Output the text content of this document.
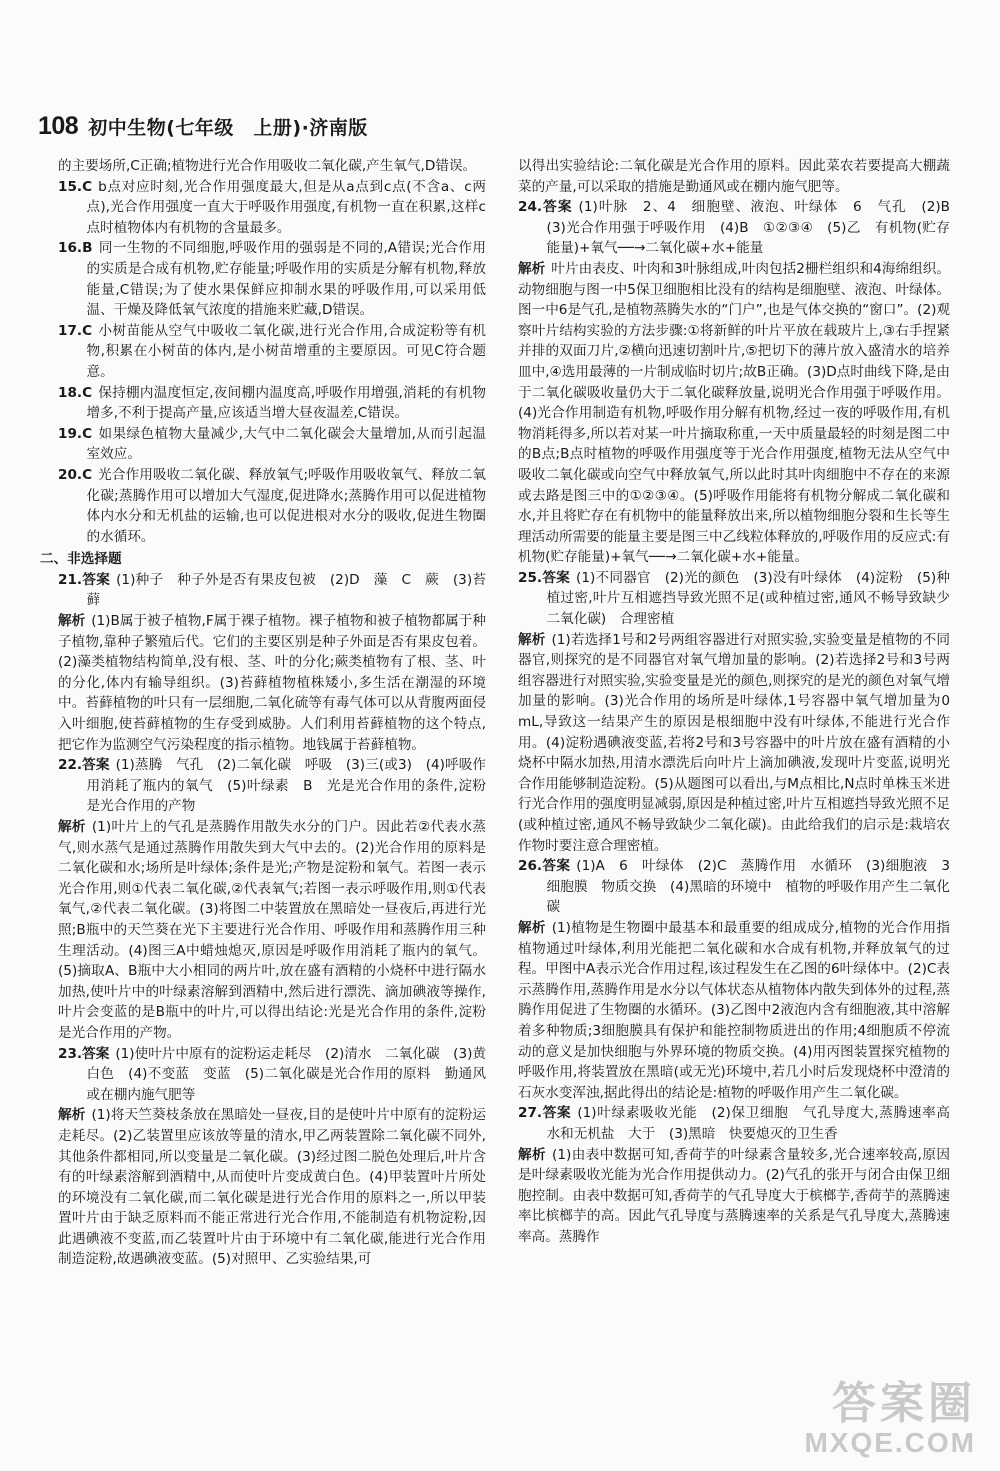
108 初中生物(七年级　上册)·济南版

的主要场所,C正确;植物进行光合作用吸收二氧化碳,产生氧气,D错误。

15.C b点对应时刻,光合作用强度最大,但是从a点到c点(不含a、c两点),光合作用强度一直大于呼吸作用强度,有机物一直在积累,这样c点时植物体内有机物的含量最多。

16.B 同一生物的不同细胞,呼吸作用的强弱是不同的,A错误;光合作用的实质是合成有机物,贮存能量;呼吸作用的实质是分解有机物,释放能量,C错误;为了使水果保鲜应抑制水果的呼吸作用,可以采用低温、干燥及降低氧气浓度的措施来贮藏,D错误。

17.C 小树苗能从空气中吸收二氧化碳,进行光合作用,合成淀粉等有机物,积累在小树苗的体内,是小树苗增重的主要原因。可见C符合题意。

18.C 保持棚内温度恒定,夜间棚内温度高,呼吸作用增强,消耗的有机物增多,不利于提高产量,应该适当增大昼夜温差,C错误。

19.C 如果绿色植物大量减少,大气中二氧化碳会大量增加,从而引起温室效应。

20.C 光合作用吸收二氧化碳、释放氧气;呼吸作用吸收氧气、释放二氧化碳;蒸腾作用可以增加大气湿度,促进降水;蒸腾作用可以促进植物体内水分和无机盐的运输,也可以促进根对水分的吸收,促进生物圈的水循环。

二、非选择题

21.答案 (1)种子　种子外是否有果皮包被　(2)D　藻　C　蕨　(3)苔藓

解析 (1)B属于被子植物,F属于裸子植物。裸子植物和被子植物都属于种子植物,靠种子繁殖后代。它们的主要区别是种子外面是否有果皮包着。(2)藻类植物结构简单,没有根、茎、叶的分化;蕨类植物有了根、茎、叶的分化,体内有输导组织。(3)苔藓植物植株矮小,多生活在潮湿的环境中。苔藓植物的叶只有一层细胞,二氧化硫等有毒气体可以从背腹两面侵入叶细胞,使苔藓植物的生存受到威胁。人们利用苔藓植物的这个特点,把它作为监测空气污染程度的指示植物。地钱属于苔藓植物。

22.答案 (1)蒸腾　气孔　(2)二氧化碳　呼吸　(3)三(或3)　(4)呼吸作用消耗了瓶内的氧气　(5)叶绿素　B　光是光合作用的条件,淀粉是光合作用的产物

解析 (1)叶片上的气孔是蒸腾作用散失水分的门户。因此若②代表水蒸气,则水蒸气是通过蒸腾作用散失到大气中去的。(2)光合作用的原料是二氧化碳和水;场所是叶绿体;条件是光;产物是淀粉和氧气。若图一表示光合作用,则①代表二氧化碳,②代表氧气;若图一表示呼吸作用,则①代表氧气,②代表二氧化碳。(3)将图二中装置放在黑暗处一昼夜后,再进行光照;B瓶中的天竺葵在光下主要进行光合作用、呼吸作用和蒸腾作用三种生理活动。(4)图三A中蜡烛熄灭,原因是呼吸作用消耗了瓶内的氧气。(5)摘取A、B瓶中大小相同的两片叶,放在盛有酒精的小烧杯中进行隔水加热,使叶片中的叶绿素溶解到酒精中,然后进行漂洗、滴加碘液等操作,叶片会变蓝的是B瓶中的叶片,可以得出结论:光是光合作用的条件,淀粉是光合作用的产物。

23.答案 (1)使叶片中原有的淀粉运走耗尽　(2)清水　二氧化碳　(3)黄白色　(4)不变蓝　变蓝　(5)二氧化碳是光合作用的原料　勤通风或在棚内施气肥等

解析 (1)将天竺葵枝条放在黑暗处一昼夜,目的是使叶片中原有的淀粉运走耗尽。(2)乙装置里应该放等量的清水,甲乙两装置除二氧化碳不同外,其他条件都相同,所以变量是二氧化碳。(3)经过图二脱色处理后,叶片含有的叶绿素溶解到酒精中,从而使叶片变成黄白色。(4)甲装置叶片所处的环境没有二氧化碳,而二氧化碳是进行光合作用的原料之一,所以甲装置叶片由于缺乏原料而不能正常进行光合作用,不能制造有机物淀粉,因此遇碘液不变蓝,而乙装置叶片由于环境中有二氧化碳,能进行光合作用制造淀粉,故遇碘液变蓝。(5)对照甲、乙实验结果,可

以得出实验结论:二氧化碳是光合作用的原料。因此菜农若要提高大棚蔬菜的产量,可以采取的措施是勤通风或在棚内施气肥等。

24.答案 (1)叶脉　2、4　细胞壁、液泡、叶绿体　6　气孔　(2)B　(3)光合作用强于呼吸作用　(4)B　①②③④　(5)乙　有机物(贮存能量)+氧气──→二氧化碳+水+能量

解析 叶片由表皮、叶肉和3叶脉组成,叶肉包括2栅栏组织和4海绵组织。动物细胞与图一中5保卫细胞相比没有的结构是细胞壁、液泡、叶绿体。图一中6是气孔,是植物蒸腾失水的“门户”,也是气体交换的“窗口”。(2)观察叶片结构实验的方法步骤:①将新鲜的叶片平放在载玻片上,③右手捏紧并排的双面刀片,②横向迅速切割叶片,⑤把切下的薄片放入盛清水的培养皿中,④选用最薄的一片制成临时切片;故B正确。(3)D点时曲线下降,是由于二氧化碳吸收量仍大于二氧化碳释放量,说明光合作用强于呼吸作用。(4)光合作用制造有机物,呼吸作用分解有机物,经过一夜的呼吸作用,有机物消耗得多,所以若对某一叶片摘取称重,一天中质量最轻的时刻是图二中的B点;B点时植物的呼吸作用强度等于光合作用强度,植物无法从空气中吸收二氧化碳或向空气中释放氧气,所以此时其叶肉细胞中不存在的来源或去路是图三中的①②③④。(5)呼吸作用能将有机物分解成二氧化碳和水,并且将贮存在有机物中的能量释放出来,所以植物细胞分裂和生长等生理活动所需要的能量主要是图三中乙线粒体释放的,呼吸作用的反应式:有机物(贮存能量)+氧气──→二氧化碳+水+能量。

25.答案 (1)不同器官　(2)光的颜色　(3)没有叶绿体　(4)淀粉　(5)种植过密,叶片互相遮挡导致光照不足(或种植过密,通风不畅导致缺少二氧化碳)　合理密植

解析 (1)若选择1号和2号两组容器进行对照实验,实验变量是植物的不同器官,则探究的是不同器官对氧气增加量的影响。(2)若选择2号和3号两组容器进行对照实验,实验变量是光的颜色,则探究的是光的颜色对氧气增加量的影响。(3)光合作用的场所是叶绿体,1号容器中氧气增加量为0 mL,导致这一结果产生的原因是根细胞中没有叶绿体,不能进行光合作用。(4)淀粉遇碘液变蓝,若将2号和3号容器中的叶片放在盛有酒精的小烧杯中隔水加热,用清水漂洗后向叶片上滴加碘液,发现叶片变蓝,说明光合作用能够制造淀粉。(5)从题图可以看出,与M点相比,N点时单株玉米进行光合作用的强度明显减弱,原因是种植过密,叶片互相遮挡导致光照不足(或种植过密,通风不畅导致缺少二氧化碳)。由此给我们的启示是:栽培农作物时要注意合理密植。

26.答案 (1)A　6　叶绿体　(2)C　蒸腾作用　水循环　(3)细胞液　3　细胞膜　物质交换　(4)黑暗的环境中　植物的呼吸作用产生二氧化碳

解析 (1)植物是生物圈中最基本和最重要的组成成分,植物的光合作用指植物通过叶绿体,利用光能把二氧化碳和水合成有机物,并释放氧气的过程。甲图中A表示光合作用过程,该过程发生在乙图的6叶绿体中。(2)C表示蒸腾作用,蒸腾作用是水分以气体状态从植物体内散失到体外的过程,蒸腾作用促进了生物圈的水循环。(3)乙图中2液泡内含有细胞液,其中溶解着多种物质;3细胞膜具有保护和能控制物质进出的作用;4细胞质不停流动的意义是加快细胞与外界环境的物质交换。(4)用丙图装置探究植物的呼吸作用,将装置放在黑暗(或无光)环境中,若几小时后发现烧杯中澄清的石灰水变浑浊,据此得出的结论是:植物的呼吸作用产生二氧化碳。

27.答案 (1)叶绿素吸收光能　(2)保卫细胞　气孔导度大,蒸腾速率高　水和无机盐　大于　(3)黑暗　快要熄灭的卫生香

解析 (1)由表中数据可知,香荷芋的叶绿素含量较多,光合速率较高,原因是叶绿素吸收光能为光合作用提供动力。(2)气孔的张开与闭合由保卫细胞控制。由表中数据可知,香荷芋的气孔导度大于槟榔芋,香荷芋的蒸腾速率比槟榔芋的高。因此气孔导度与蒸腾速率的关系是气孔导度大,蒸腾速率高。蒸腾作

答案圈
MXQE.COM
